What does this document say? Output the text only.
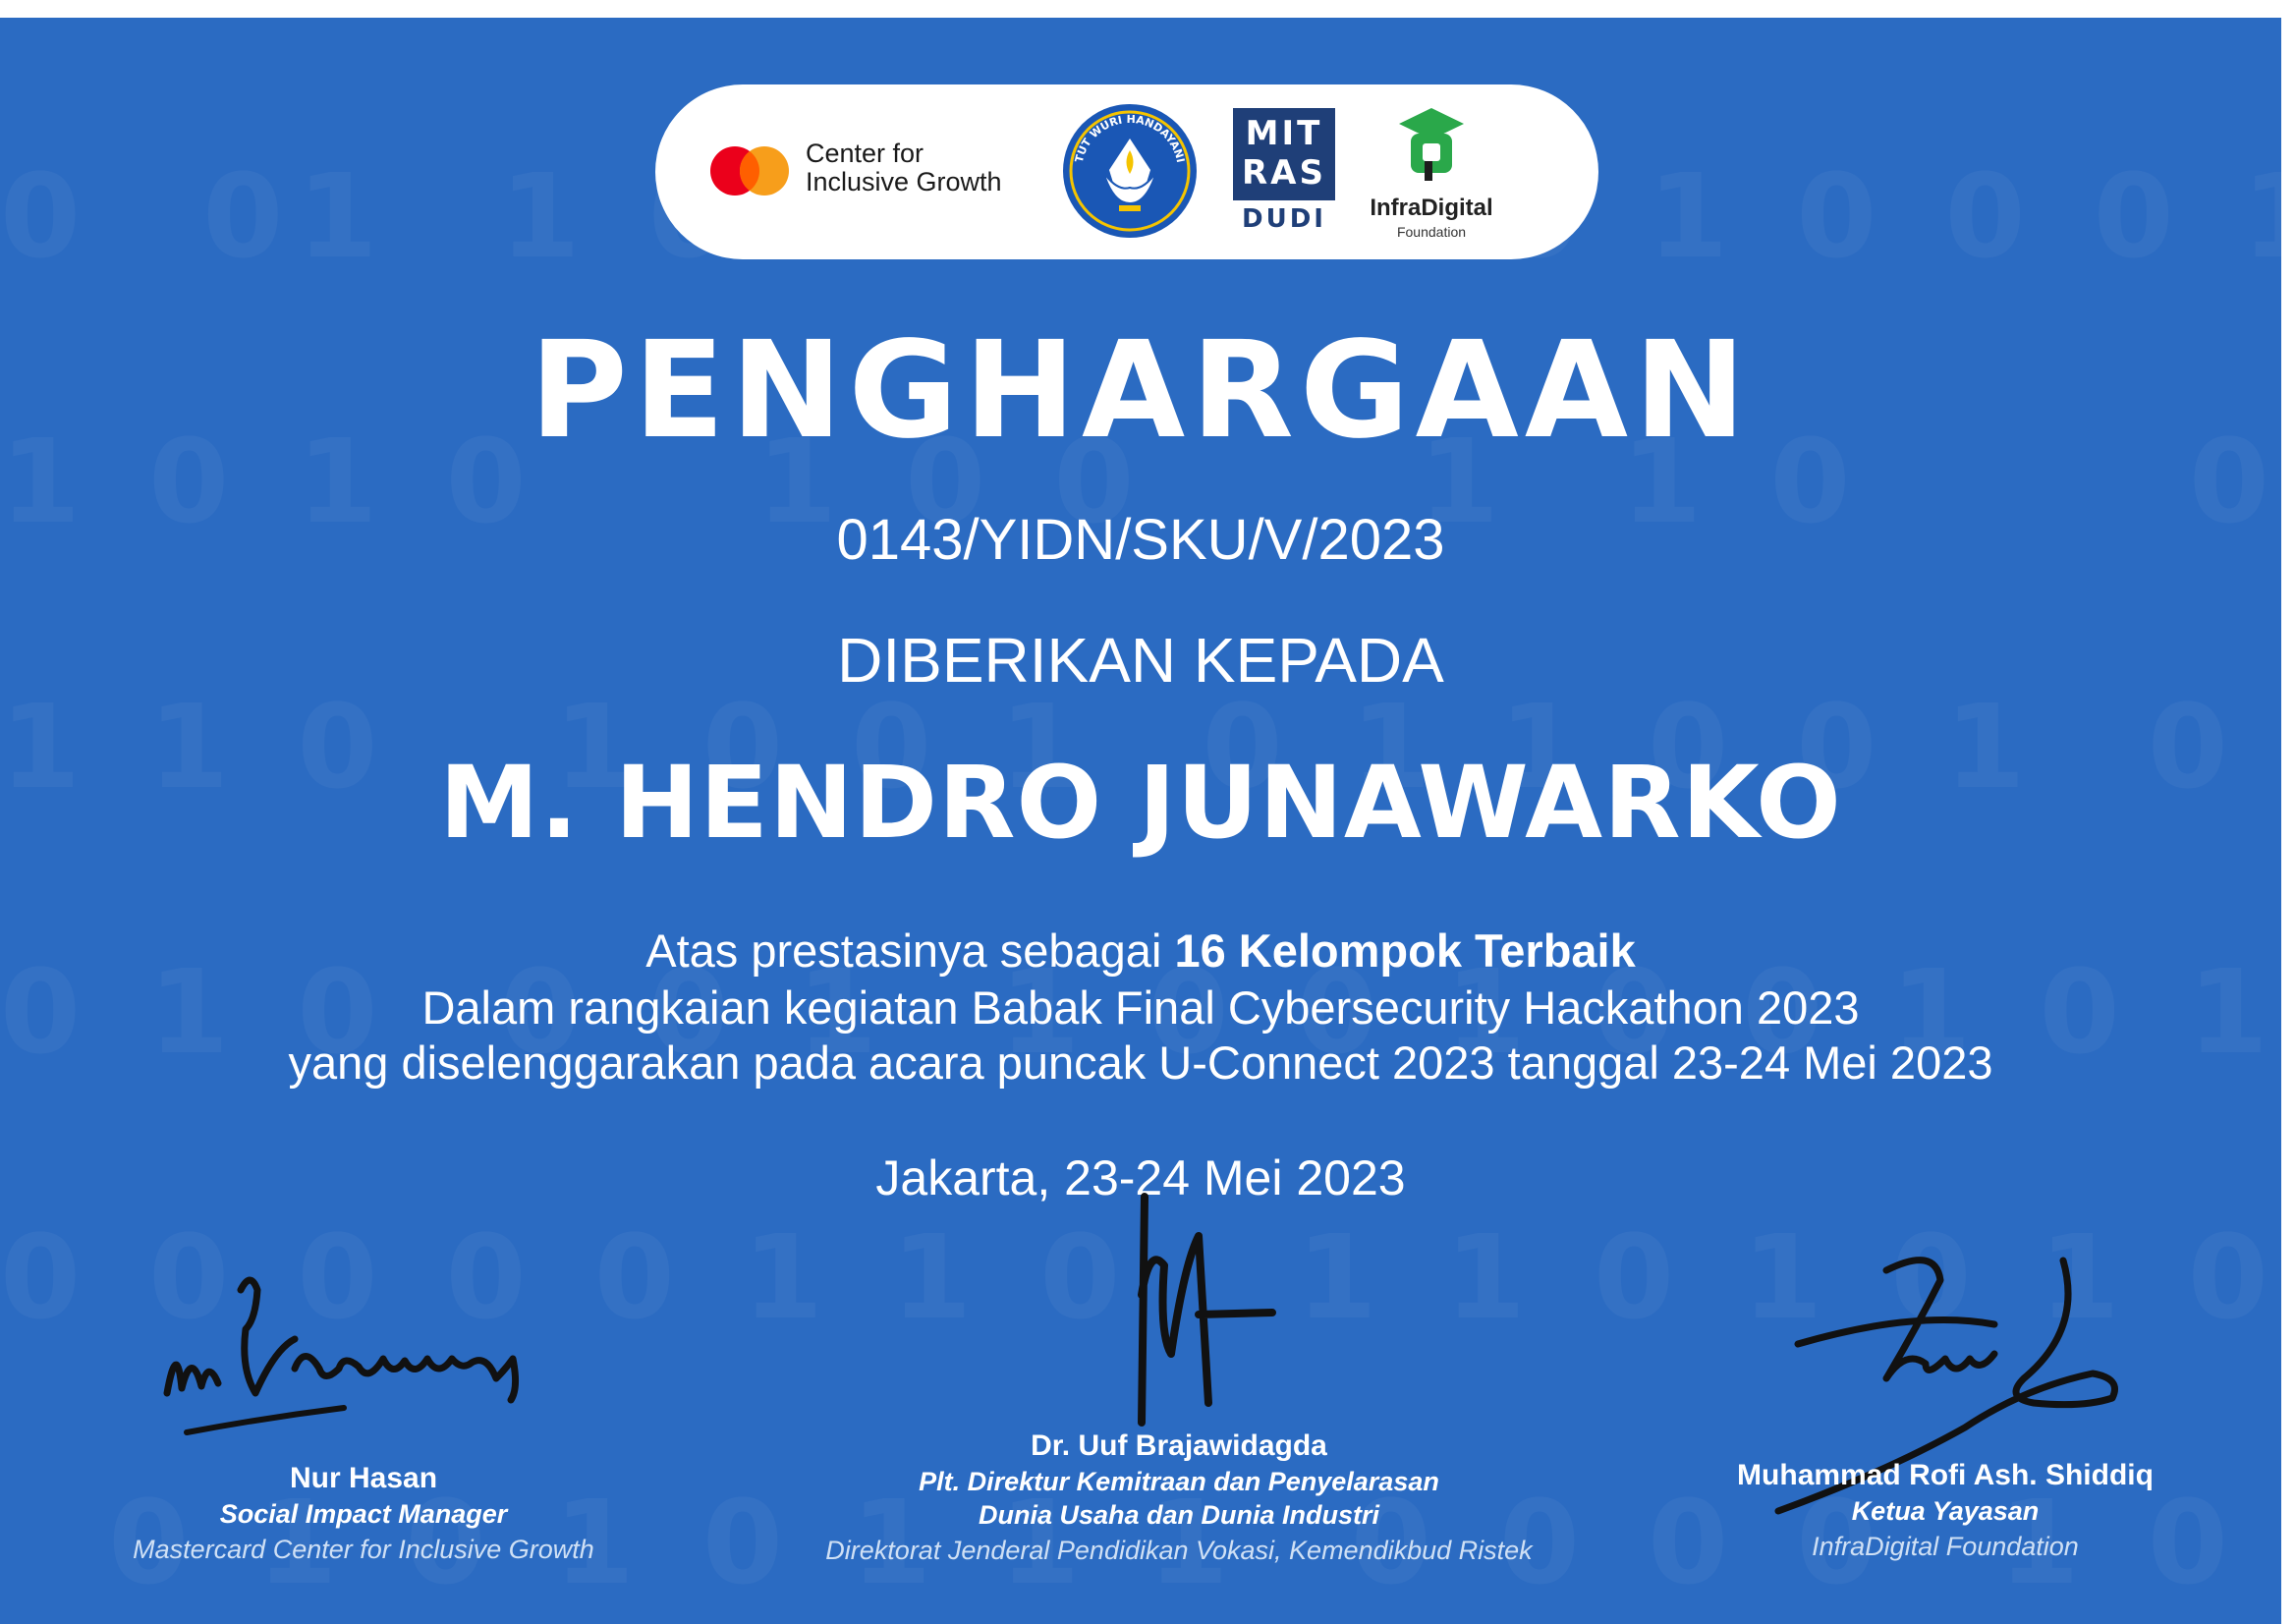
Center for
Inclusive Growth
TUT WURI HANDAYANI
MIT
RAS
DUDI	InfraDigital
Foundation
PENGHARGAAN
0143/YIDN/SKU/V/2023
DIBERIKAN KEPADA
M. HENDRO JUNAWARKO
Atas prestasinya sebagai 16 Kelompok Terbaik
Dalam rangkaian kegiatan Babak Final Cybersecurity Hackathon 2023
yang diselenggarakan pada acara puncak U-Connect 2023 tanggal 23-24 Mei 2023
Jakarta, 23-24 Mei 2023
Nur Hasan
Social Impact Manager
Mastercard Center for Inclusive Growth
Dr. Uuf Brajawidagda
Plt. Direktur Kemitraan dan Penyelarasan
Dunia Usaha dan Dunia Industri
Direktorat Jenderal Pendidikan Vokasi, Kemendikbud Ristek
Muhammad Rofi Ash. Shiddiq
Ketua Yayasan
InfraDigital Foundation
